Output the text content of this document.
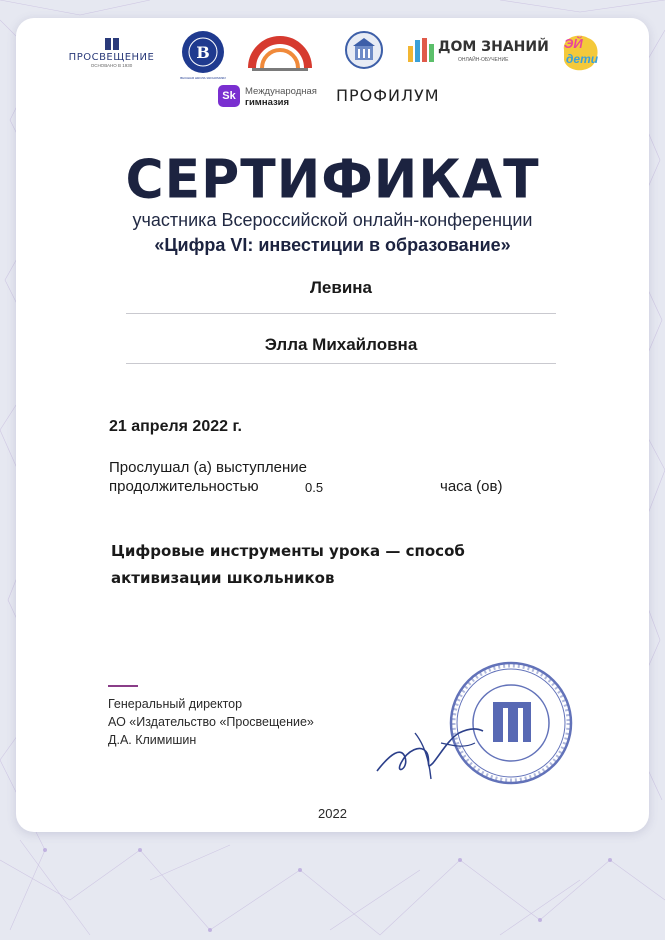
ПРОСВЕЩЕНИЕ
ОСНОВАНО В 1930
B
ВЫСШАЯ ШКОЛА ЭКОНОМИКИ
ДОМ ЗНАНИЙ
ОНЛАЙН-ОБУЧЕНИЕ
ЭЙ
дети
Sk Международная
гимназия	ПРОФИЛУМ
СЕРТИФИКАТ
участника Всероссийской онлайн-конференции
«Цифра VI: инвестиции в образование»
Левина
Элла Михайловна
21 апреля 2022 г.
Прослушал (а) выступление
продолжительностью	0.5	часа (ов)
Цифровые инструменты урока — способ
активизации школьников
Генеральный директор
АО «Издательство «Просвещение»
Д.А. Климишин
2022
